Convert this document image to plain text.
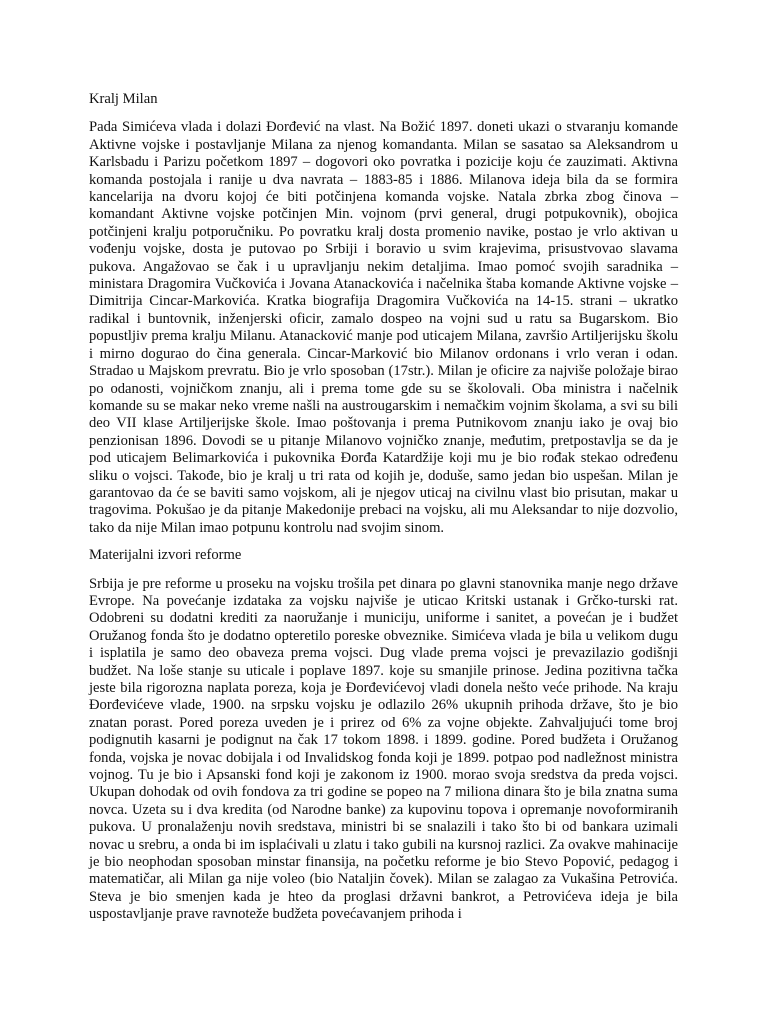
Kralj Milan

Pada Simićeva vlada i dolazi Đorđević na vlast. Na Božić 1897. doneti ukazi o stvaranju komande Aktivne vojske i postavljanje Milana za njenog komandanta. Milan se sasatao sa Aleksandrom u Karlsbadu i Parizu početkom 1897 – dogovori oko povratka i pozicije koju će zauzimati. Aktivna komanda postojala i ranije u dva navrata – 1883-85 i 1886. Milanova ideja bila da se formira kancelarija na dvoru kojoj će biti potčinjena komanda vojske. Natala zbrka zbog činova – komandant Aktivne vojske potčinjen Min. vojnom (prvi general, drugi potpukovnik), obojica potčinjeni kralju potporučniku. Po povratku kralj dosta promenio navike, postao je vrlo aktivan u vođenju vojske, dosta je putovao po Srbiji i boravio u svim krajevima, prisustvovao slavama pukova. Angažovao se čak i u upravljanju nekim detaljima. Imao pomoć svojih saradnika – ministara Dragomira Vučkovića i Jovana Atanackovića i načelnika štaba komande Aktivne vojske – Dimitrija Cincar-Markovića. Kratka biografija Dragomira Vučkovića na 14-15. strani – ukratko radikal i buntovnik, inženjerski oficir, zamalo dospeo na vojni sud u ratu sa Bugarskom. Bio popustljiv prema kralju Milanu. Atanacković manje pod uticajem Milana, završio Artiljerijsku školu i mirno dogurao do čina generala. Cincar-Marković bio Milanov ordonans i vrlo veran i odan. Stradao u Majskom prevratu. Bio je vrlo sposoban (17str.). Milan je oficire za najviše položaje birao po odanosti, vojničkom znanju, ali i prema tome gde su se školovali. Oba ministra i načelnik komande su se makar neko vreme našli na austrougarskim i nemačkim vojnim školama, a svi su bili deo VII klase Artiljerijske škole. Imao poštovanja i prema Putnikovom znanju iako je ovaj bio penzionisan 1896. Dovodi se u pitanje Milanovo vojničko znanje, međutim, pretpostavlja se da je pod uticajem Belimarkovića i pukovnika Đorđa Katardžije koji mu je bio rođak stekao određenu sliku o vojsci. Takođe, bio je kralj u tri rata od kojih je, doduše, samo jedan bio uspešan. Milan je garantovao da će se baviti samo vojskom, ali je njegov uticaj na civilnu vlast bio prisutan, makar u tragovima. Pokušao je da pitanje Makedonije prebaci na vojsku, ali mu Aleksandar to nije dozvolio, tako da nije Milan imao potpunu kontrolu nad svojim sinom.

Materijalni izvori reforme

Srbija je pre reforme u proseku na vojsku trošila pet dinara po glavni stanovnika manje nego države Evrope. Na povećanje izdataka za vojsku najviše je uticao Kritski ustanak i Grčko-turski rat. Odobreni su dodatni krediti za naoružanje i municiju, uniforme i sanitet, a povećan je i budžet Oružanog fonda što je dodatno opteretilo poreske obveznike. Simićeva vlada je bila u velikom dugu i isplatila je samo deo obaveza prema vojsci. Dug vlade prema vojsci je prevazilazio godišnji budžet. Na loše stanje su uticale i poplave 1897. koje su smanjile prinose. Jedina pozitivna tačka jeste bila rigorozna naplata poreza, koja je Đorđevićevoj vladi donela nešto veće prihode. Na kraju Đorđevićeve vlade, 1900. na srpsku vojsku je odlazilo 26% ukupnih prihoda države, što je bio znatan porast. Pored poreza uveden je i prirez od 6% za vojne objekte. Zahvaljujući tome broj podignutih kasarni je podignut na čak 17 tokom 1898. i 1899. godine. Pored budžeta i Oružanog fonda, vojska je novac dobijala i od Invalidskog fonda koji je 1899. potpao pod nadležnost ministra vojnog. Tu je bio i Apsanski fond koji je zakonom iz 1900. morao svoja sredstva da preda vojsci. Ukupan dohodak od ovih fondova za tri godine se popeo na 7 miliona dinara što je bila znatna suma novca. Uzeta su i dva kredita (od Narodne banke) za kupovinu topova i opremanje novoformiranih pukova. U pronalaženju novih sredstava, ministri bi se snalazili i tako što bi od bankara uzimali novac u srebru, a onda bi im isplaćivali u zlatu i tako gubili na kursnoj razlici. Za ovakve mahinacije je bio neophodan sposoban minstar finansija, na početku reforme je bio Stevo Popović, pedagog i matematičar, ali Milan ga nije voleo (bio Nataljin čovek). Milan se zalagao za Vukašina Petrovića. Steva je bio smenjen kada je hteo da proglasi državni bankrot, a Petrovićeva ideja je bila uspostavljanje prave ravnoteže budžeta povećavanjem prihoda i
